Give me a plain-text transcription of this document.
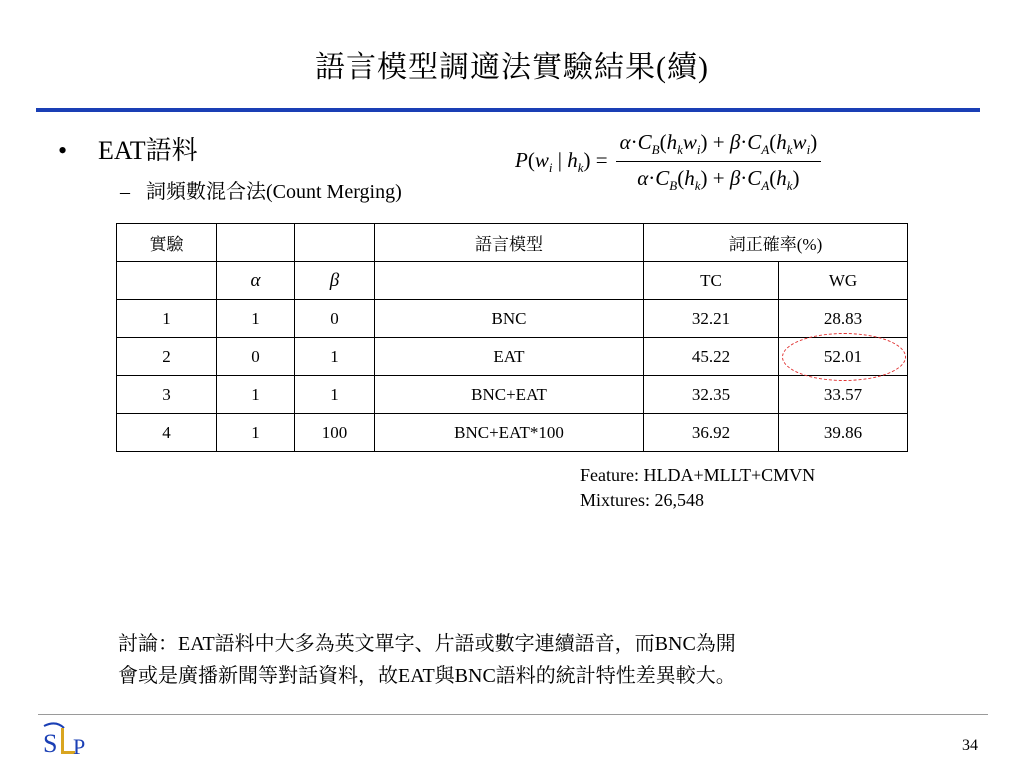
語言模型調適法實驗結果(續)
• EAT語料
– 詞頻數混合法(Count Merging)
$P(w_i$ | $h_k) = \frac{\alpha\cdot C_B(h_kw_i) + \beta\cdot C_A(h_kw_i)}{\alpha\cdot C_B(h_k) + \beta\cdot C_A(h_k)}$
實驗			語言模型	詞正確率(%)	
	α	β		TC	WG
1	1	0	BNC	32.21	28.83
2	0	1	EAT	45.22	52.01
3	1	1	BNC+EAT	32.35	33.57
4	1	100	BNC+EAT*100	36.92	39.86
Feature: HLDA+MLLT+CMVN
Mixtures: 26,548
討論：EAT語料中大多為英文單字、片語或數字連續語音，而BNC為開
會或是廣播新聞等對話資料，故EAT與BNC語料的統計特性差異較大。
S P	34
